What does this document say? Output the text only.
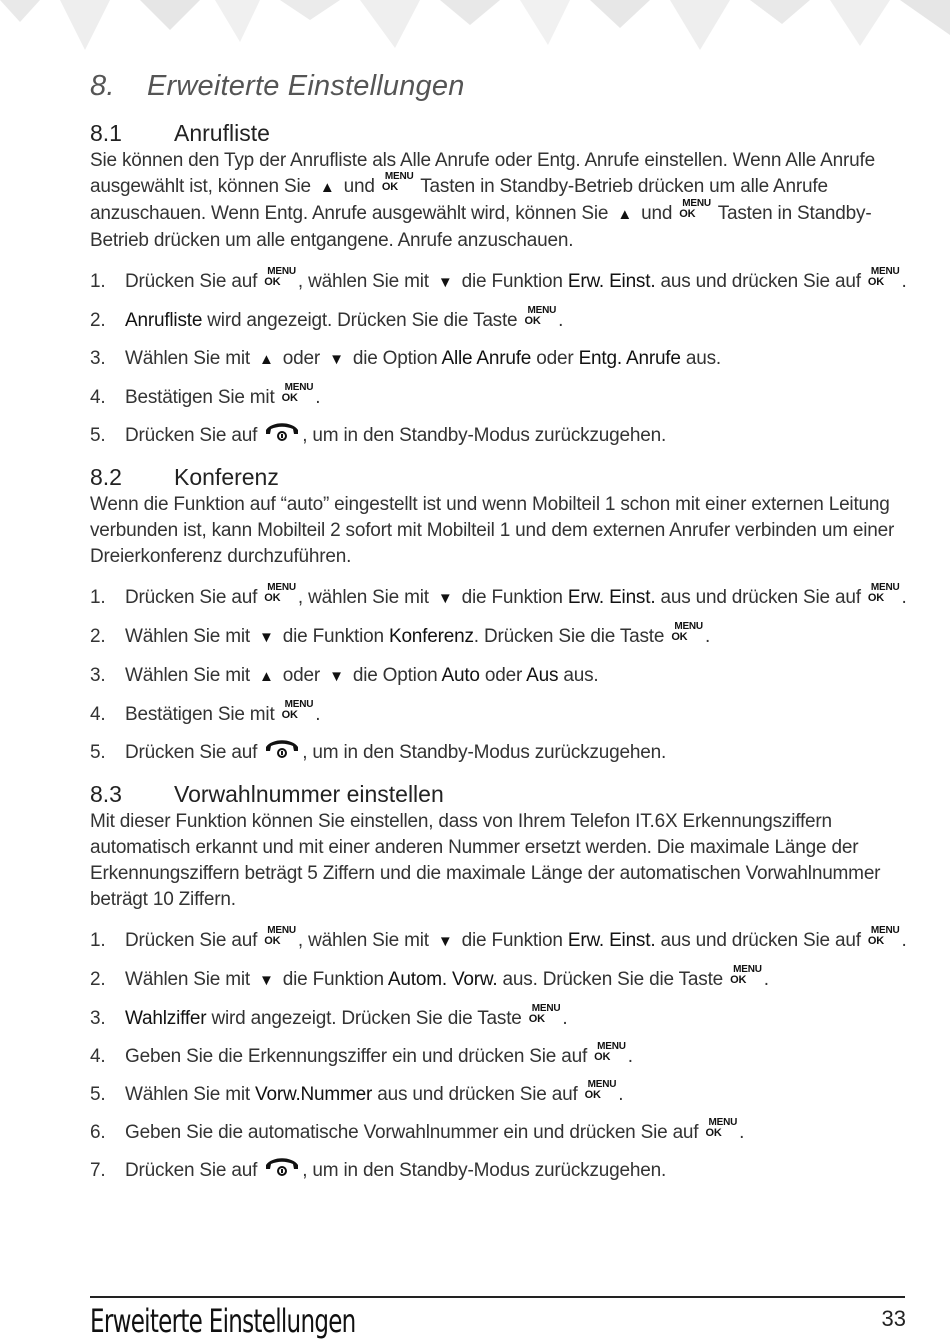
8. Erweiterte Einstellungen
8.1 Anrufliste

Sie können den Typ der Anrufliste als Alle Anrufe oder Entg. Anrufe einstellen. Wenn Alle Anrufe ausgewählt ist, können Sie ▲ und MENU
OK Tasten in Standby-Betrieb drücken um alle Anrufe anzuschauen. Wenn Entg. Anrufe ausgewählt wird, können Sie ▲ und MENU
OK Tasten in Standby-Betrieb drücken um alle entgangene. Anrufe anzuschauen.

1. Drücken Sie auf MENU
OK , wählen Sie mit ▼ die Funktion Erw. Einst. aus und drücken Sie auf MENU
OK .
2. Anrufliste wird angezeigt. Drücken Sie die Taste MENU
OK .
3. Wählen Sie mit ▲ oder ▼ die Option Alle Anrufe oder Entg. Anrufe aus.
4. Bestätigen Sie mit MENU
OK .
5. Drücken Sie auf , um in den Standby-Modus zurückzugehen.
8.2 Konferenz

Wenn die Funktion auf “auto” eingestellt ist und wenn Mobilteil 1 schon mit einer externen Leitung verbunden ist, kann Mobilteil 2 sofort mit Mobilteil 1 und dem externen Anrufer verbinden um einer Dreierkonferenz durchzuführen.

1. Drücken Sie auf MENU
OK , wählen Sie mit ▼ die Funktion Erw. Einst. aus und drücken Sie auf MENU
OK .
2. Wählen Sie mit ▼ die Funktion Konferenz. Drücken Sie die Taste MENU
OK .
3. Wählen Sie mit ▲ oder ▼ die Option Auto oder Aus aus.
4. Bestätigen Sie mit MENU
OK .
5. Drücken Sie auf , um in den Standby-Modus zurückzugehen.
8.3 Vorwahlnummer einstellen

Mit dieser Funktion können Sie einstellen, dass von Ihrem Telefon IT.6X Erkennungsziffern automatisch erkannt und mit einer anderen Nummer ersetzt werden. Die maximale Länge der Erkennungsziffern beträgt 5 Ziffern und die maximale Länge der automatischen Vorwahlnummer beträgt 10 Ziffern.

1. Drücken Sie auf MENU
OK , wählen Sie mit ▼ die Funktion Erw. Einst. aus und drücken Sie auf MENU
OK .
2. Wählen Sie mit ▼ die Funktion Autom. Vorw. aus. Drücken Sie die Taste MENU
OK .
3. Wahlziffer wird angezeigt. Drücken Sie die Taste MENU
OK .
4. Geben Sie die Erkennungsziffer ein und drücken Sie auf MENU
OK .
5. Wählen Sie mit Vorw.Nummer aus und drücken Sie auf MENU
OK .
6. Geben Sie die automatische Vorwahlnummer ein und drücken Sie auf MENU
OK .
7. Drücken Sie auf , um in den Standby-Modus zurückzugehen.
Erweiterte Einstellungen	33
